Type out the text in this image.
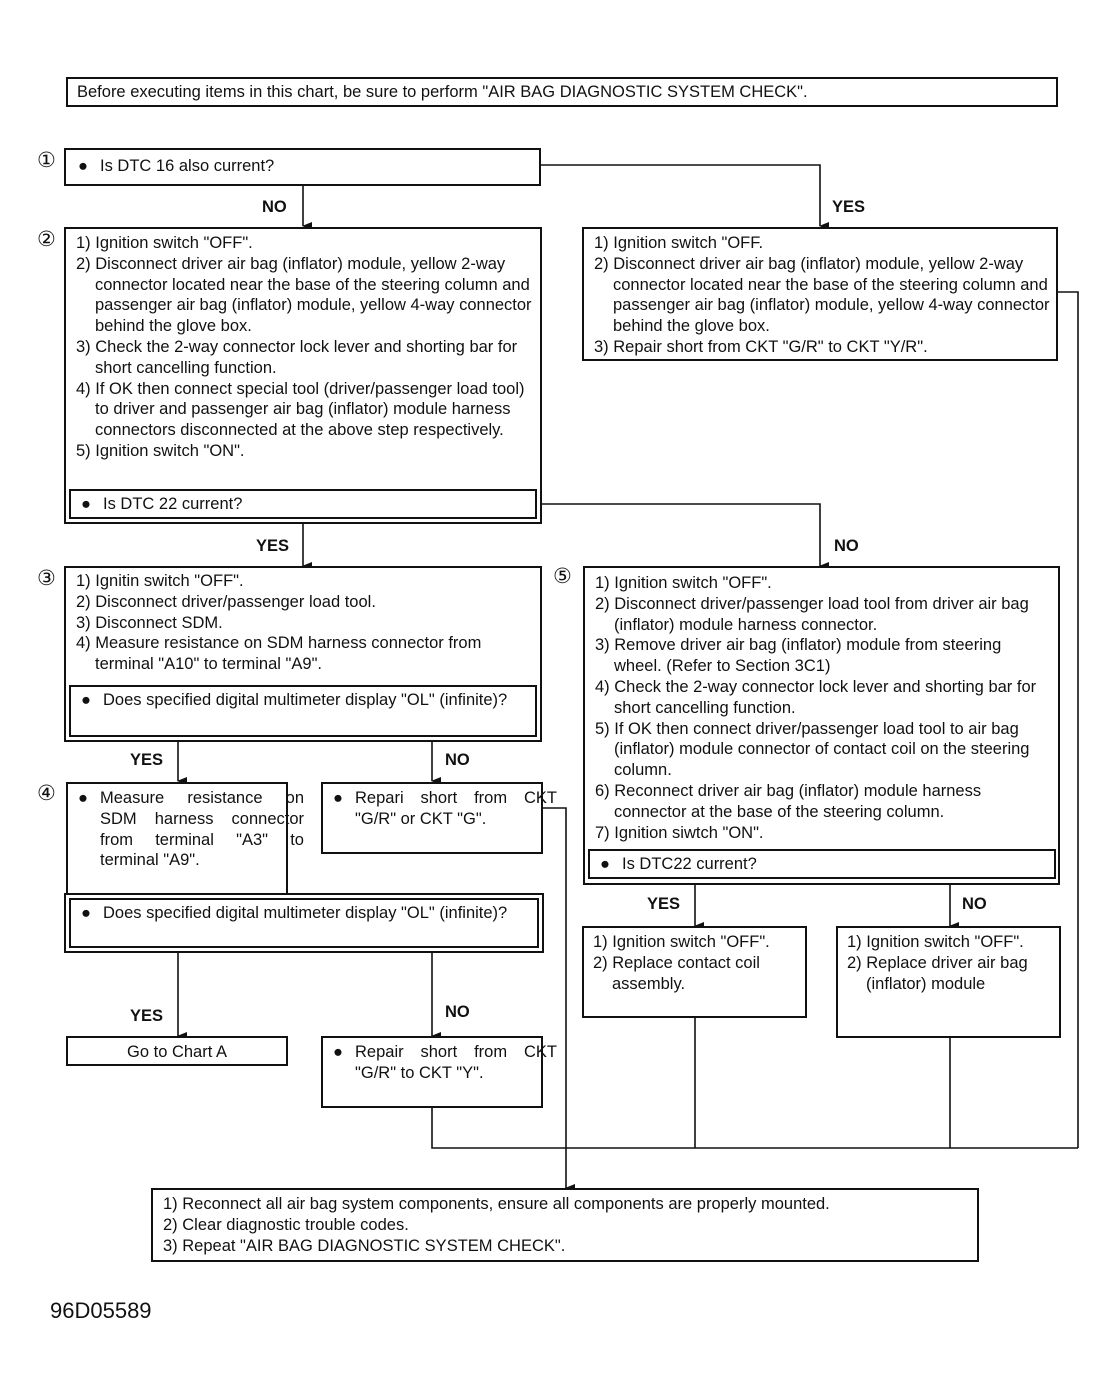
Before executing items in this chart, be sure to perform "AIR BAG DIAGNOSTIC SYSTEM CHECK".
① ● Is DTC 16 also current?
NO	YES
② 1) Ignition switch "OFF".
2) Disconnect driver air bag (inflator) module, yellow 2-way connector located near the base of the steering column and passenger air bag (inflator) module, yellow 4-way connector behind the glove box.
3) Check the 2-way connector lock lever and shorting bar for short cancelling function.
4) If OK then connect special tool (driver/passenger load tool) to driver and passenger air bag (inflator) module harness connectors disconnected at the above step respectively.
5) Ignition switch "ON".
● Is DTC 22 current?
1) Ignition switch "OFF.
2) Disconnect driver air bag (inflator) module, yellow 2-way connector located near the base of the steering column and passenger air bag (inflator) module, yellow 4-way connector behind the glove box.
3) Repair short from CKT "G/R" to CKT "Y/R".
YES	NO
③ 1) Ignitin switch "OFF".
2) Disconnect driver/passenger load tool.
3) Disconnect SDM.
4) Measure resistance on SDM harness connector from terminal "A10" to terminal "A9".
● Does specified digital multimeter display "OL" (infinite)?
YES	NO
④ ● Measure resistance on SDM harness connector from terminal "A3" to terminal "A9".
● Does specified digital multimeter display "OL" (infinite)?
● Repari short from CKT "G/R" or CKT "G".
YES	NO
Go to Chart A	● Repair short from CKT "G/R" to CKT "Y".
⑤ 1) Ignition switch "OFF".
2) Disconnect driver/passenger load tool from driver air bag (inflator) module harness connector.
3) Remove driver air bag (inflator) module from steering wheel. (Refer to Section 3C1)
4) Check the 2-way connector lock lever and shorting bar for short cancelling function.
5) If OK then connect driver/passenger load tool to air bag (inflator) module connector of contact coil on the steering column.
6) Reconnect driver air bag (inflator) module harness connector at the base of the steering column.
7) Ignition siwtch "ON".
● Is DTC22 current?
YES	NO
1) Ignition switch "OFF".
2) Replace contact coil assembly.
1) Ignition switch "OFF".
2) Replace driver air bag (inflator) module
1) Reconnect all air bag system components, ensure all components are properly mounted.
2) Clear diagnostic trouble codes.
3) Repeat "AIR BAG DIAGNOSTIC SYSTEM CHECK".
96D05589
